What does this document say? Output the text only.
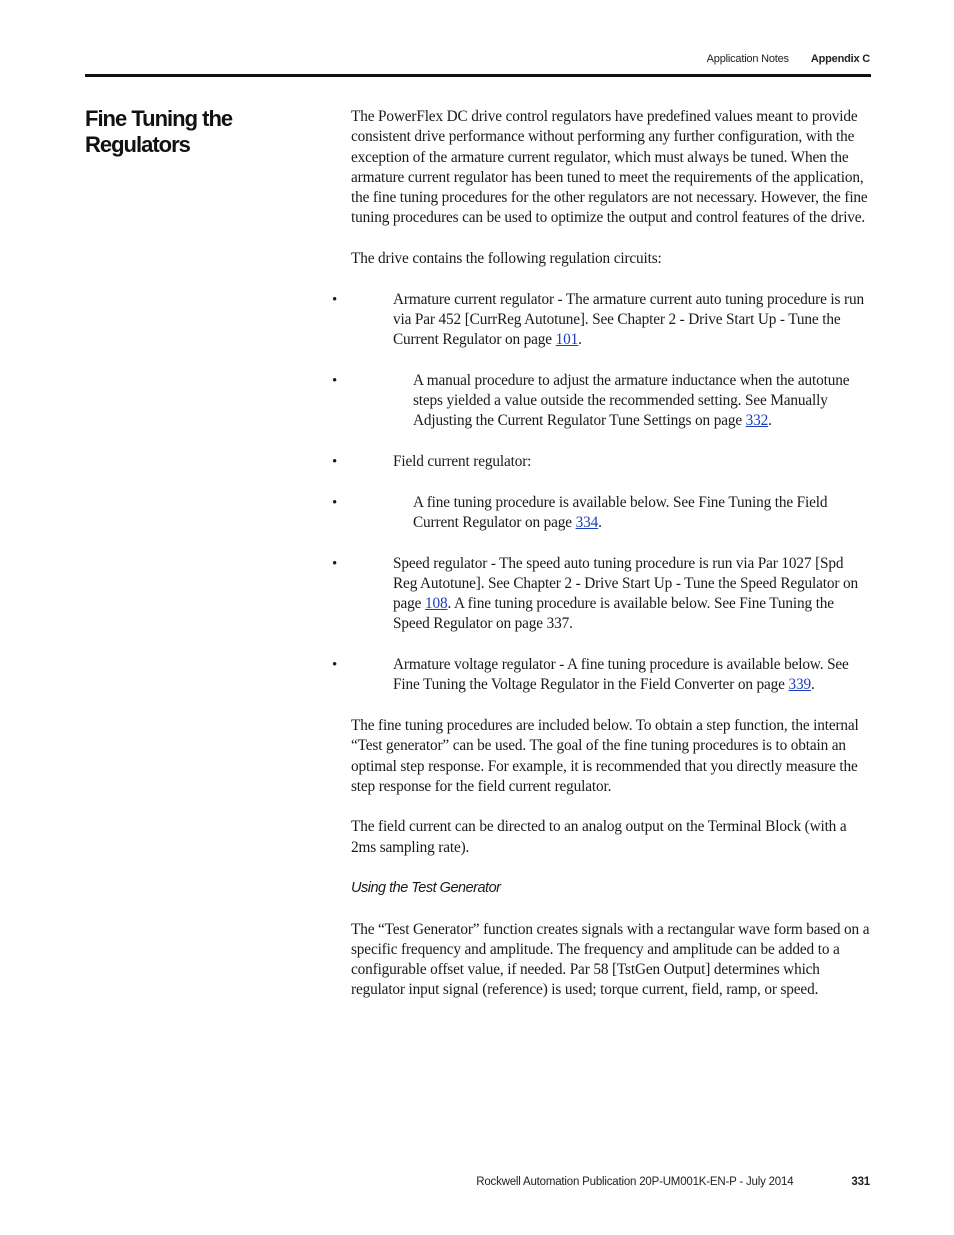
Application Notes Appendix C
Fine Tuning the Regulators

The PowerFlex DC drive control regulators have predefined values meant to provide consistent drive performance without performing any further configuration, with the exception of the armature current regulator, which must always be tuned. When the armature current regulator has been tuned to meet the requirements of the application, the fine tuning procedures for the other regulators are not necessary. However, the fine tuning procedures can be used to optimize the output and control features of the drive.

The drive contains the following regulation circuits:

• Armature current regulator - The armature current auto tuning procedure is run via Par 452 [CurrReg Autotune]. See Chapter 2 - Drive Start Up - Tune the Current Regulator on page 101.
• A manual procedure to adjust the armature inductance when the autotune steps yielded a value outside the recommended setting. See Manually Adjusting the Current Regulator Tune Settings on page 332.
• Field current regulator:
• A fine tuning procedure is available below. See Fine Tuning the Field Current Regulator on page 334.
• Speed regulator - The speed auto tuning procedure is run via Par 1027 [Spd Reg Autotune]. See Chapter 2 - Drive Start Up - Tune the Speed Regulator on page 108. A fine tuning procedure is available below. See Fine Tuning the Speed Regulator on page 337.
• Armature voltage regulator - A fine tuning procedure is available below. See Fine Tuning the Voltage Regulator in the Field Converter on page 339.

The fine tuning procedures are included below. To obtain a step function, the internal “Test generator” can be used. The goal of the fine tuning procedures is to obtain an optimal step response. For example, it is recommended that you directly measure the step response for the field current regulator.

The field current can be directed to an analog output on the Terminal Block (with a 2ms sampling rate).

Using the Test Generator

The “Test Generator” function creates signals with a rectangular wave form based on a specific frequency and amplitude. The frequency and amplitude can be added to a configurable offset value, if needed. Par 58 [TstGen Output] determines which regulator input signal (reference) is used; torque current, field, ramp, or speed.

Rockwell Automation Publication 20P-UM001K-EN-P - July 2014	331
